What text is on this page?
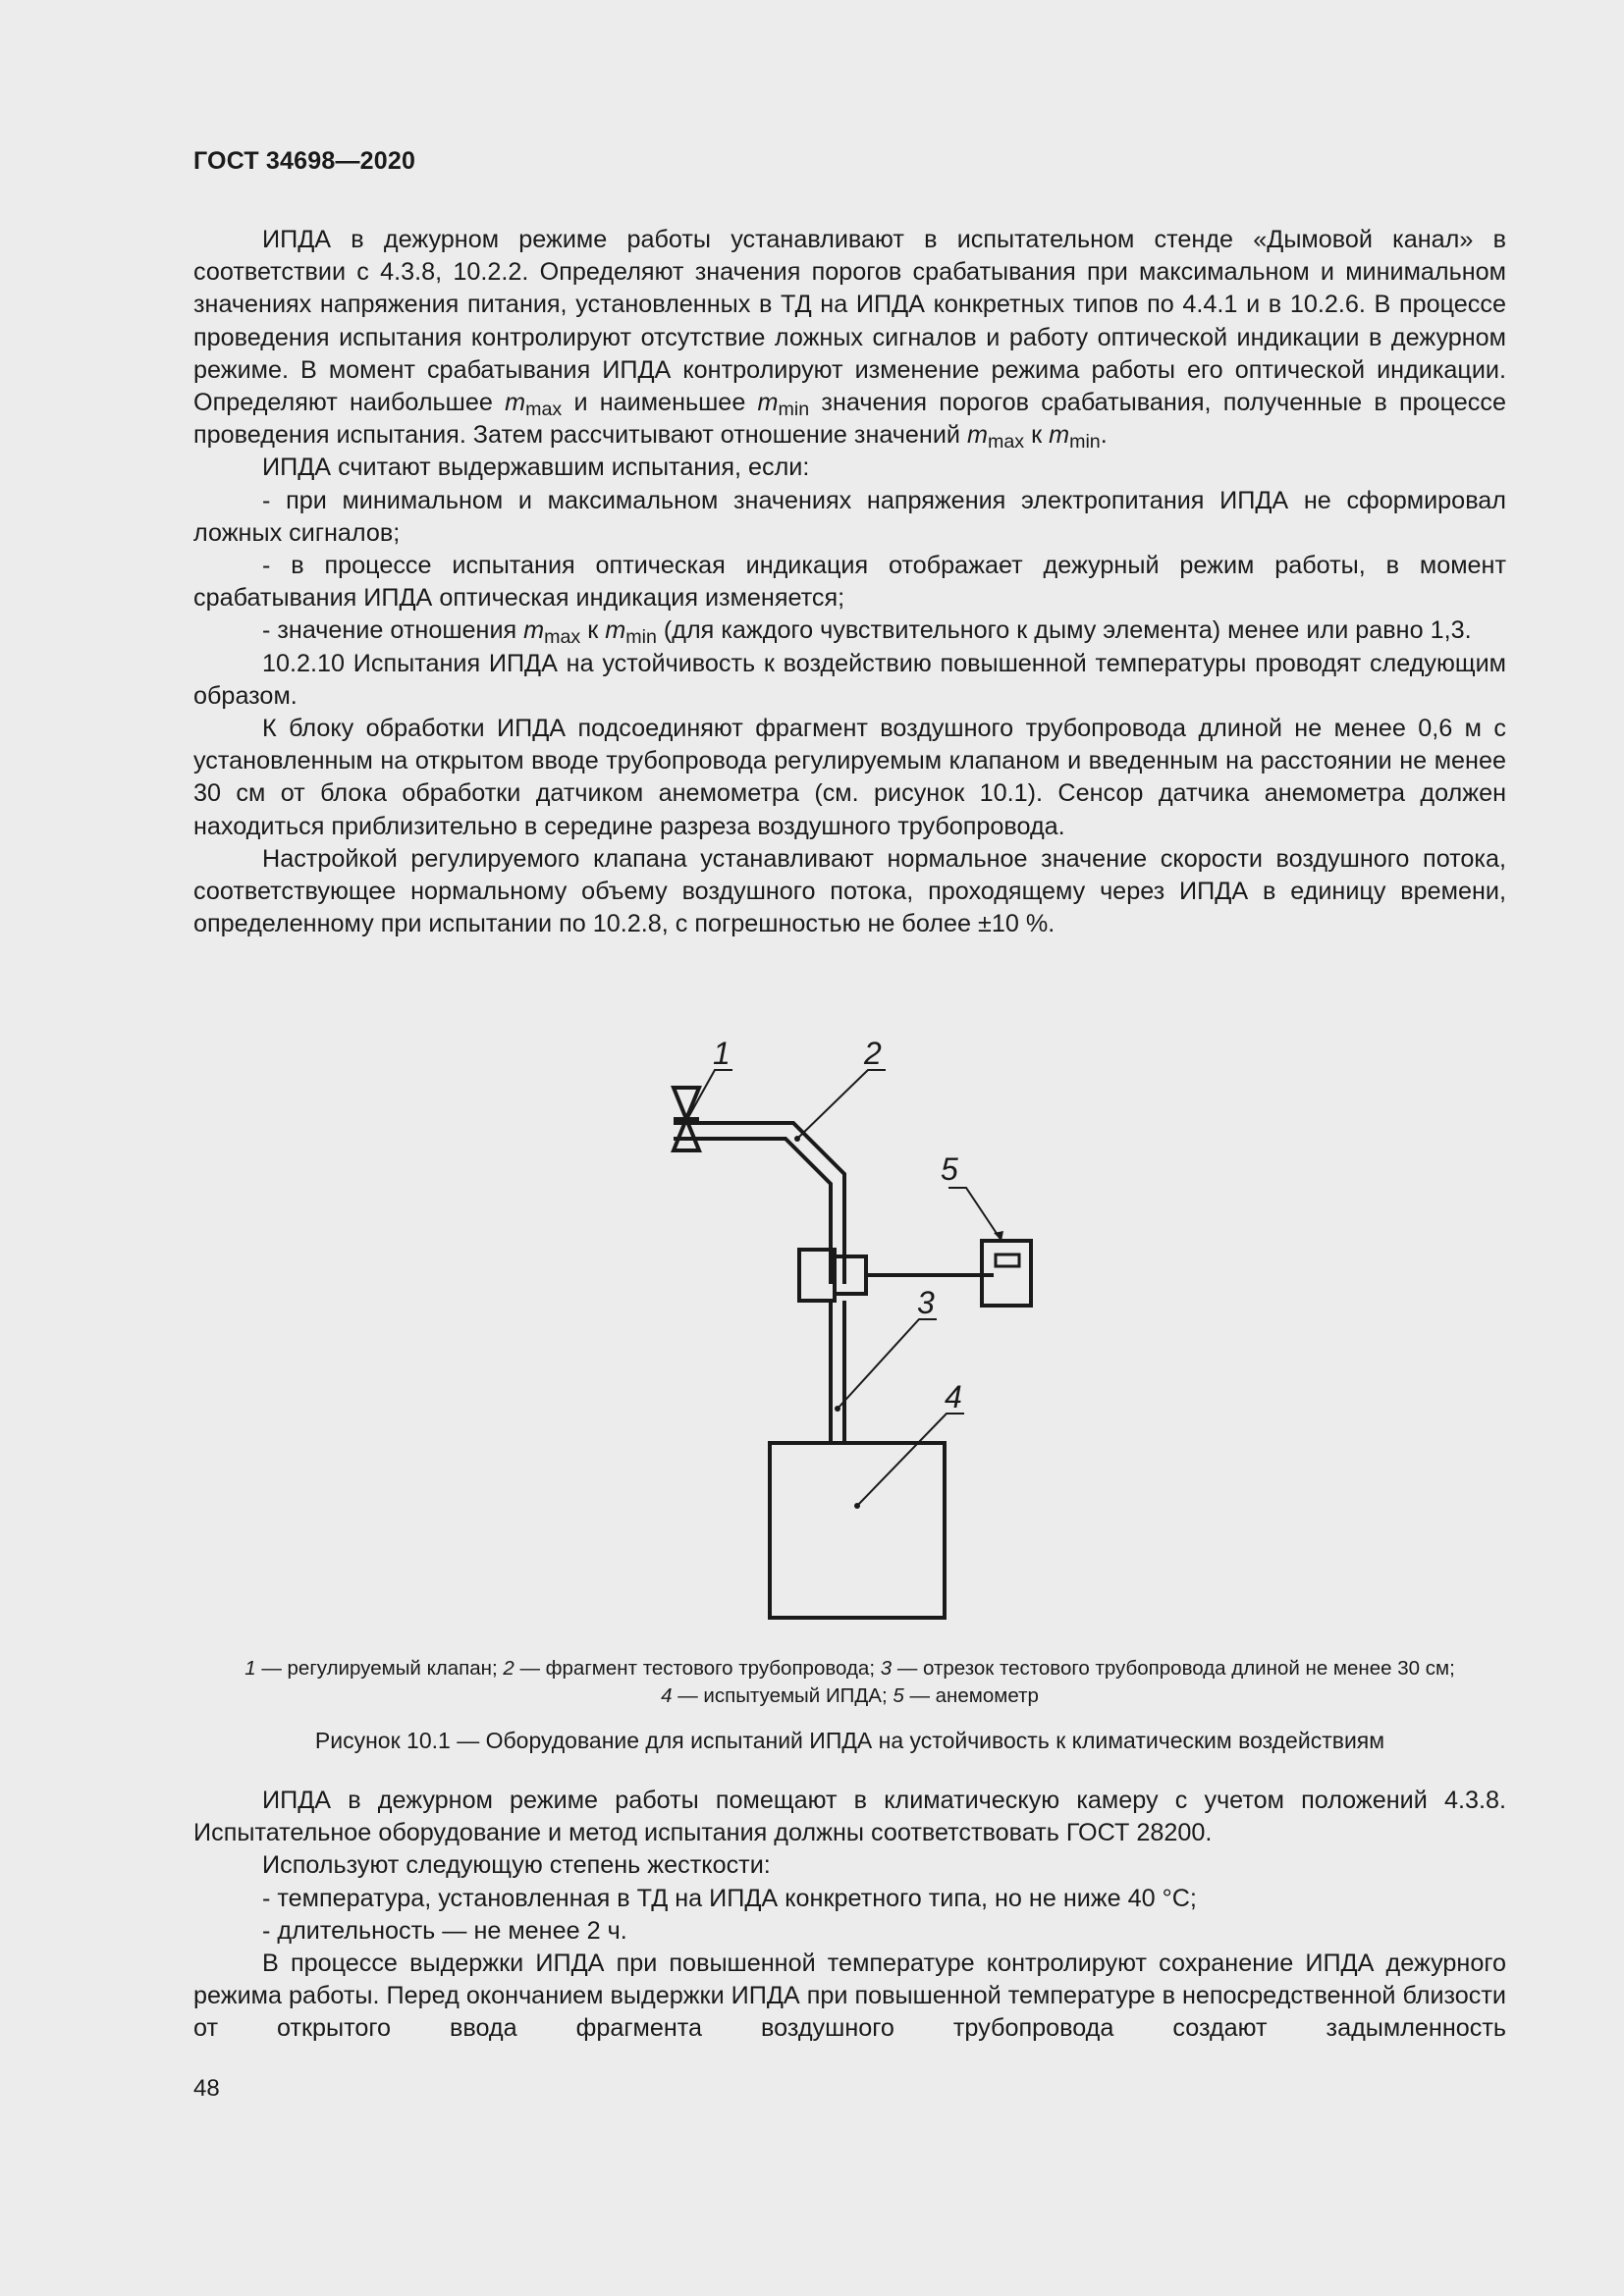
ГОСТ 34698—2020

ИПДА в дежурном режиме работы устанавливают в испытательном стенде «Дымовой канал» в соответствии с 4.3.8, 10.2.2. Определяют значения порогов срабатывания при максимальном и минимальном значениях напряжения питания, установленных в ТД на ИПДА конкретных типов по 4.4.1 и в 10.2.6. В процессе проведения испытания контролируют отсутствие ложных сигналов и работу оптической индикации в дежурном режиме. В момент срабатывания ИПДА контролируют изменение режима работы его оптической индикации. Определяют наибольшее $m_{max}$ и наименьшее $m_{min}$ значения порогов срабатывания, полученные в процессе проведения испытания. Затем рассчитывают отношение значений $m_{max}$ к $m_{min}$.

ИПДА считают выдержавшим испытания, если:

- при минимальном и максимальном значениях напряжения электропитания ИПДА не сформировал ложных сигналов;

- в процессе испытания оптическая индикация отображает дежурный режим работы, в момент срабатывания ИПДА оптическая индикация изменяется;

- значение отношения $m_{max}$ к $m_{min}$ (для каждого чувствительного к дыму элемента) менее или равно 1,3.

10.2.10 Испытания ИПДА на устойчивость к воздействию повышенной температуры проводят следующим образом.

К блоку обработки ИПДА подсоединяют фрагмент воздушного трубопровода длиной не менее 0,6 м с установленным на открытом вводе трубопровода регулируемым клапаном и введенным на расстоянии не менее 30 см от блока обработки датчиком анемометра (см. рисунок 10.1). Сенсор датчика анемометра должен находиться приблизительно в середине разреза воздушного трубопровода.

Настройкой регулируемого клапана устанавливают нормальное значение скорости воздушного потока, соответствующее нормальному объему воздушного потока, проходящему через ИПДА в единицу времени, определенному при испытании по 10.2.8, с погрешностью не более ±10 %.

1	2
5
3
4
1 — регулируемый клапан; 2 — фрагмент тестового трубопровода; 3 — отрезок тестового трубопровода длиной не менее 30 см;
4 — испытуемый ИПДА; 5 — анемометр
Рисунок 10.1 — Оборудование для испытаний ИПДА на устойчивость к климатическим воздействиям

ИПДА в дежурном режиме работы помещают в климатическую камеру с учетом положений 4.3.8. Испытательное оборудование и метод испытания должны соответствовать ГОСТ 28200.

Используют следующую степень жесткости:

- температура, установленная в ТД на ИПДА конкретного типа, но не ниже 40 °С;

- длительность — не менее 2 ч.

В процессе выдержки ИПДА при повышенной температуре контролируют сохранение ИПДА дежурного режима работы. Перед окончанием выдержки ИПДА при повышенной температуре в непосредственной близости от открытого ввода фрагмента воздушного трубопровода создают задымленность

48
